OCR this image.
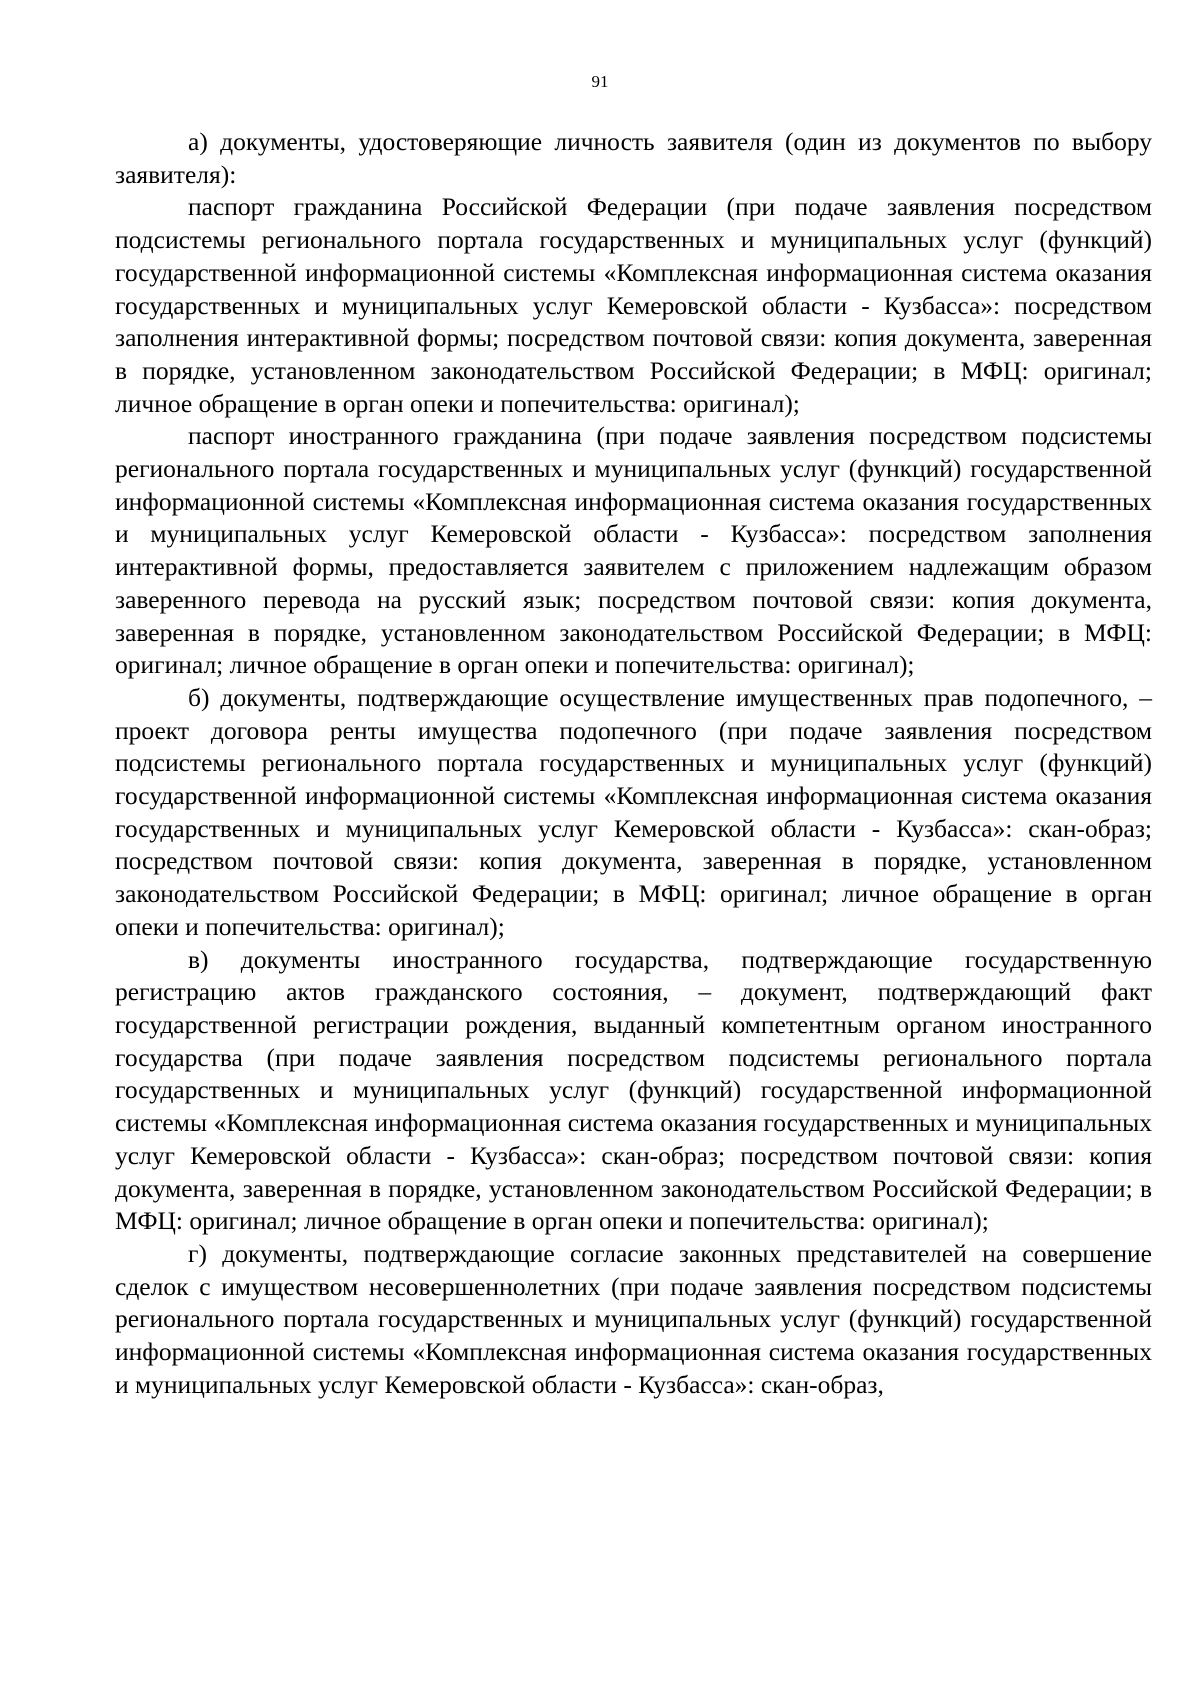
91

а) документы, удостоверяющие личность заявителя (один из документов по выбору заявителя):

паспорт гражданина Российской Федерации (при подаче заявления посредством подсистемы регионального портала государственных и муниципальных услуг (функций) государственной информационной системы «Комплексная информационная система оказания государственных и муниципальных услуг Кемеровской области - Кузбасса»: посредством заполнения интерактивной формы; посредством почтовой связи: копия документа, заверенная в порядке, установленном законодательством Российской Федерации; в МФЦ: оригинал; личное обращение в орган опеки и попечительства: оригинал);

паспорт иностранного гражданина (при подаче заявления посредством подсистемы регионального портала государственных и муниципальных услуг (функций) государственной информационной системы «Комплексная информационная система оказания государственных и муниципальных услуг Кемеровской области - Кузбасса»: посредством заполнения интерактивной формы, предоставляется заявителем с приложением надлежащим образом заверенного перевода на русский язык; посредством почтовой связи: копия документа, заверенная в порядке, установленном законодательством Российской Федерации; в МФЦ: оригинал; личное обращение в орган опеки и попечительства: оригинал);

б) документы, подтверждающие осуществление имущественных прав подопечного, – проект договора ренты имущества подопечного (при подаче заявления посредством подсистемы регионального портала государственных и муниципальных услуг (функций) государственной информационной системы «Комплексная информационная система оказания государственных и муниципальных услуг Кемеровской области - Кузбасса»: скан-образ; посредством почтовой связи: копия документа, заверенная в порядке, установленном законодательством Российской Федерации; в МФЦ: оригинал; личное обращение в орган опеки и попечительства: оригинал);

в) документы иностранного государства, подтверждающие государственную регистрацию актов гражданского состояния, – документ, подтверждающий факт государственной регистрации рождения, выданный компетентным органом иностранного государства (при подаче заявления посредством подсистемы регионального портала государственных и муниципальных услуг (функций) государственной информационной системы «Комплексная информационная система оказания государственных и муниципальных услуг Кемеровской области - Кузбасса»: скан-образ; посредством почтовой связи: копия документа, заверенная в порядке, установленном законодательством Российской Федерации; в МФЦ: оригинал; личное обращение в орган опеки и попечительства: оригинал);

г) документы, подтверждающие согласие законных представителей на совершение сделок с имуществом несовершеннолетних (при подаче заявления посредством подсистемы регионального портала государственных и муниципальных услуг (функций) государственной информационной системы «Комплексная информационная система оказания государственных и муниципальных услуг Кемеровской области - Кузбасса»: скан-образ,
